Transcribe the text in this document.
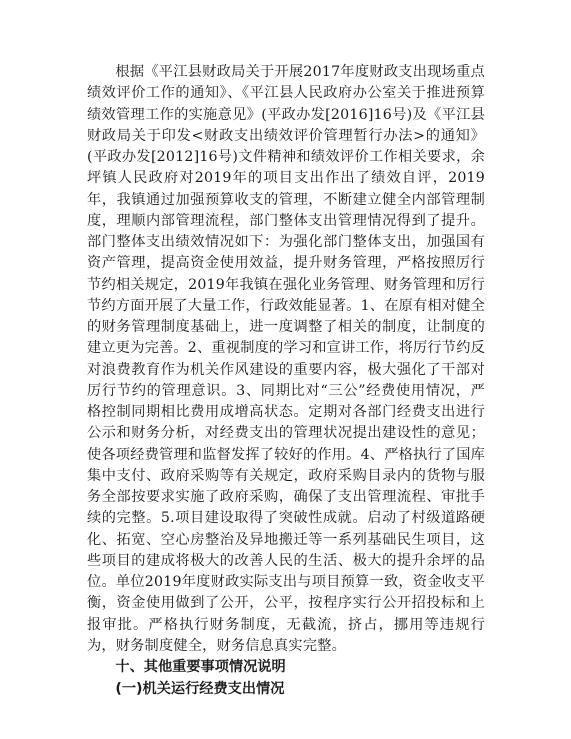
根据《平江县财政局关于开展2017年度财政支出现场重点绩效评价工作的通知》、《平江县人民政府办公室关于推进预算绩效管理工作的实施意见》(平政办发[2016]16号)及《平江县财政局关于印发<财政支出绩效评价管理暂行办法>的通知》(平政办发[2012]16号)文件精神和绩效评价工作相关要求，余坪镇人民政府对2019年的项目支出作出了绩效自评，2019年，我镇通过加强预算收支的管理，不断建立健全内部管理制度，理顺内部管理流程，部门整体支出管理情况得到了提升。部门整体支出绩效情况如下：为强化部门整体支出，加强国有资产管理，提高资金使用效益，提升财务管理，严格按照厉行节约相关规定，2019年我镇在强化业务管理、财务管理和厉行节约方面开展了大量工作，行政效能显著。1、在原有相对健全的财务管理制度基础上，进一度调整了相关的制度，让制度的建立更为完善。2、重视制度的学习和宣讲工作，将厉行节约反对浪费教育作为机关作风建设的重要内容，极大强化了干部对厉行节约的管理意识。3、同期比对“三公”经费使用情况，严格控制同期相比费用成增高状态。定期对各部门经费支出进行公示和财务分析，对经费支出的管理状况提出建设性的意见；使各项经费管理和监督发挥了较好的作用。4、严格执行了国库集中支付、政府采购等有关规定，政府采购目录内的货物与服务全部按要求实施了政府采购，确保了支出管理流程、审批手续的完整。5.项目建设取得了突破性成就。启动了村级道路硬化、拓宽、空心房整治及异地搬迁等一系列基础民生项目，这些项目的建成将极大的改善人民的生活、极大的提升余坪的品位。单位2019年度财政实际支出与项目预算一致，资金收支平衡，资金使用做到了公开，公平，按程序实行公开招投标和上报审批。严格执行财务制度，无截流，挤占，挪用等违规行为，财务制度健全，财务信息真实完整。

十、其他重要事项情况说明

(一)机关运行经费支出情况
